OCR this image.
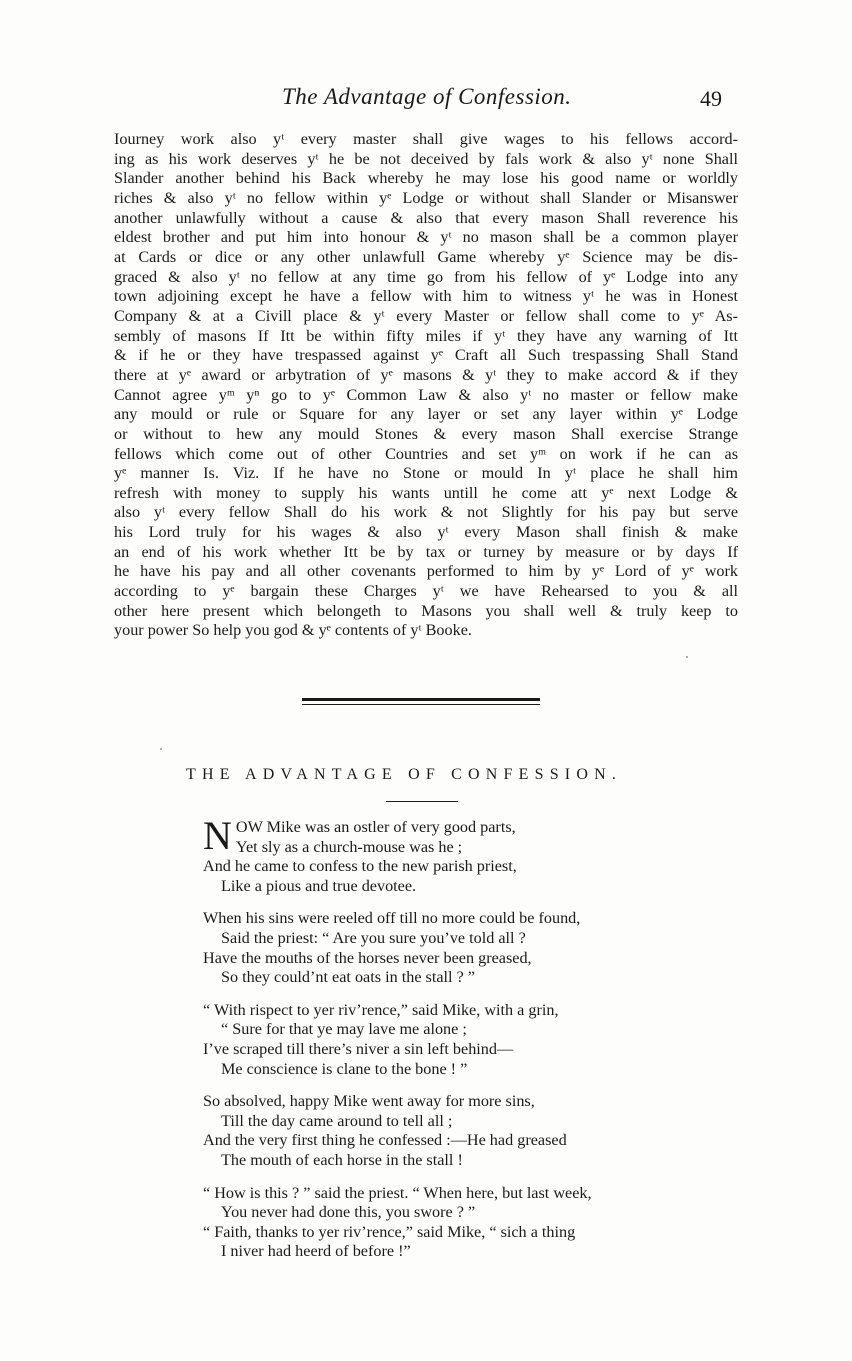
The Advantage of Confession.	49
Iourney work also yᵗ every master shall give wages to his fellows accord-
ing as his work deserves yᵗ he be not deceived by fals work & also yᵗ none Shall
Slander another behind his Back whereby he may lose his good name or worldly
riches & also yᵗ no fellow within yᵉ Lodge or without shall Slander or Misanswer
another unlawfully without a cause & also that every mason Shall reverence his
eldest brother and put him into honour & yᵗ no mason shall be a common player
at Cards or dice or any other unlawfull Game whereby yᵉ Science may be dis-
graced & also yᵗ no fellow at any time go from his fellow of yᵉ Lodge into any
town adjoining except he have a fellow with him to witness yᵗ he was in Honest
Company & at a Civill place & yᵗ every Master or fellow shall come to yᵉ As-
sembly of masons If Itt be within fifty miles if yᵗ they have any warning of Itt
& if he or they have trespassed against yᵉ Craft all Such trespassing Shall Stand
there at yᵉ award or arbytration of yᵉ masons & yᵗ they to make accord & if they
Cannot agree yᵐ yⁿ go to yᵉ Common Law & also yᵗ no master or fellow make
any mould or rule or Square for any layer or set any layer within yᵉ Lodge
or without to hew any mould Stones & every mason Shall exercise Strange
fellows which come out of other Countries and set yᵐ on work if he can as
yᵉ manner Is. Viz. If he have no Stone or mould In yᵗ place he shall him
refresh with money to supply his wants untill he come att yᵉ next Lodge &
also yᵗ every fellow Shall do his work & not Slightly for his pay but serve
his Lord truly for his wages & also yᵗ every Mason shall finish & make
an end of his work whether Itt be by tax or turney by measure or by days If
he have his pay and all other covenants performed to him by yᵉ Lord of yᵉ work
according to yᵉ bargain these Charges yᵗ we have Rehearsed to you & all
other here present which belongeth to Masons you shall well & truly keep to
your power So help you god & yᵉ contents of yᵗ Booke.
THE ADVANTAGE OF CONFESSION.
N OW Mike was an ostler of very good parts,
Yet sly as a church-mouse was he ;
And he came to confess to the new parish priest,
Like a pious and true devotee.
When his sins were reeled off till no more could be found,
Said the priest: “ Are you sure you’ve told all ?
Have the mouths of the horses never been greased,
So they could’nt eat oats in the stall ? ”
“ With rispect to yer riv’rence,” said Mike, with a grin,
“ Sure for that ye may lave me alone ;
I’ve scraped till there’s niver a sin left behind—
Me conscience is clane to the bone ! ”
So absolved, happy Mike went away for more sins,
Till the day came around to tell all ;
And the very first thing he confessed :—He had greased
The mouth of each horse in the stall !
“ How is this ? ” said the priest. “ When here, but last week,
You never had done this, you swore ? ”
“ Faith, thanks to yer riv’rence,” said Mike, “ sich a thing
I niver had heerd of before !”
